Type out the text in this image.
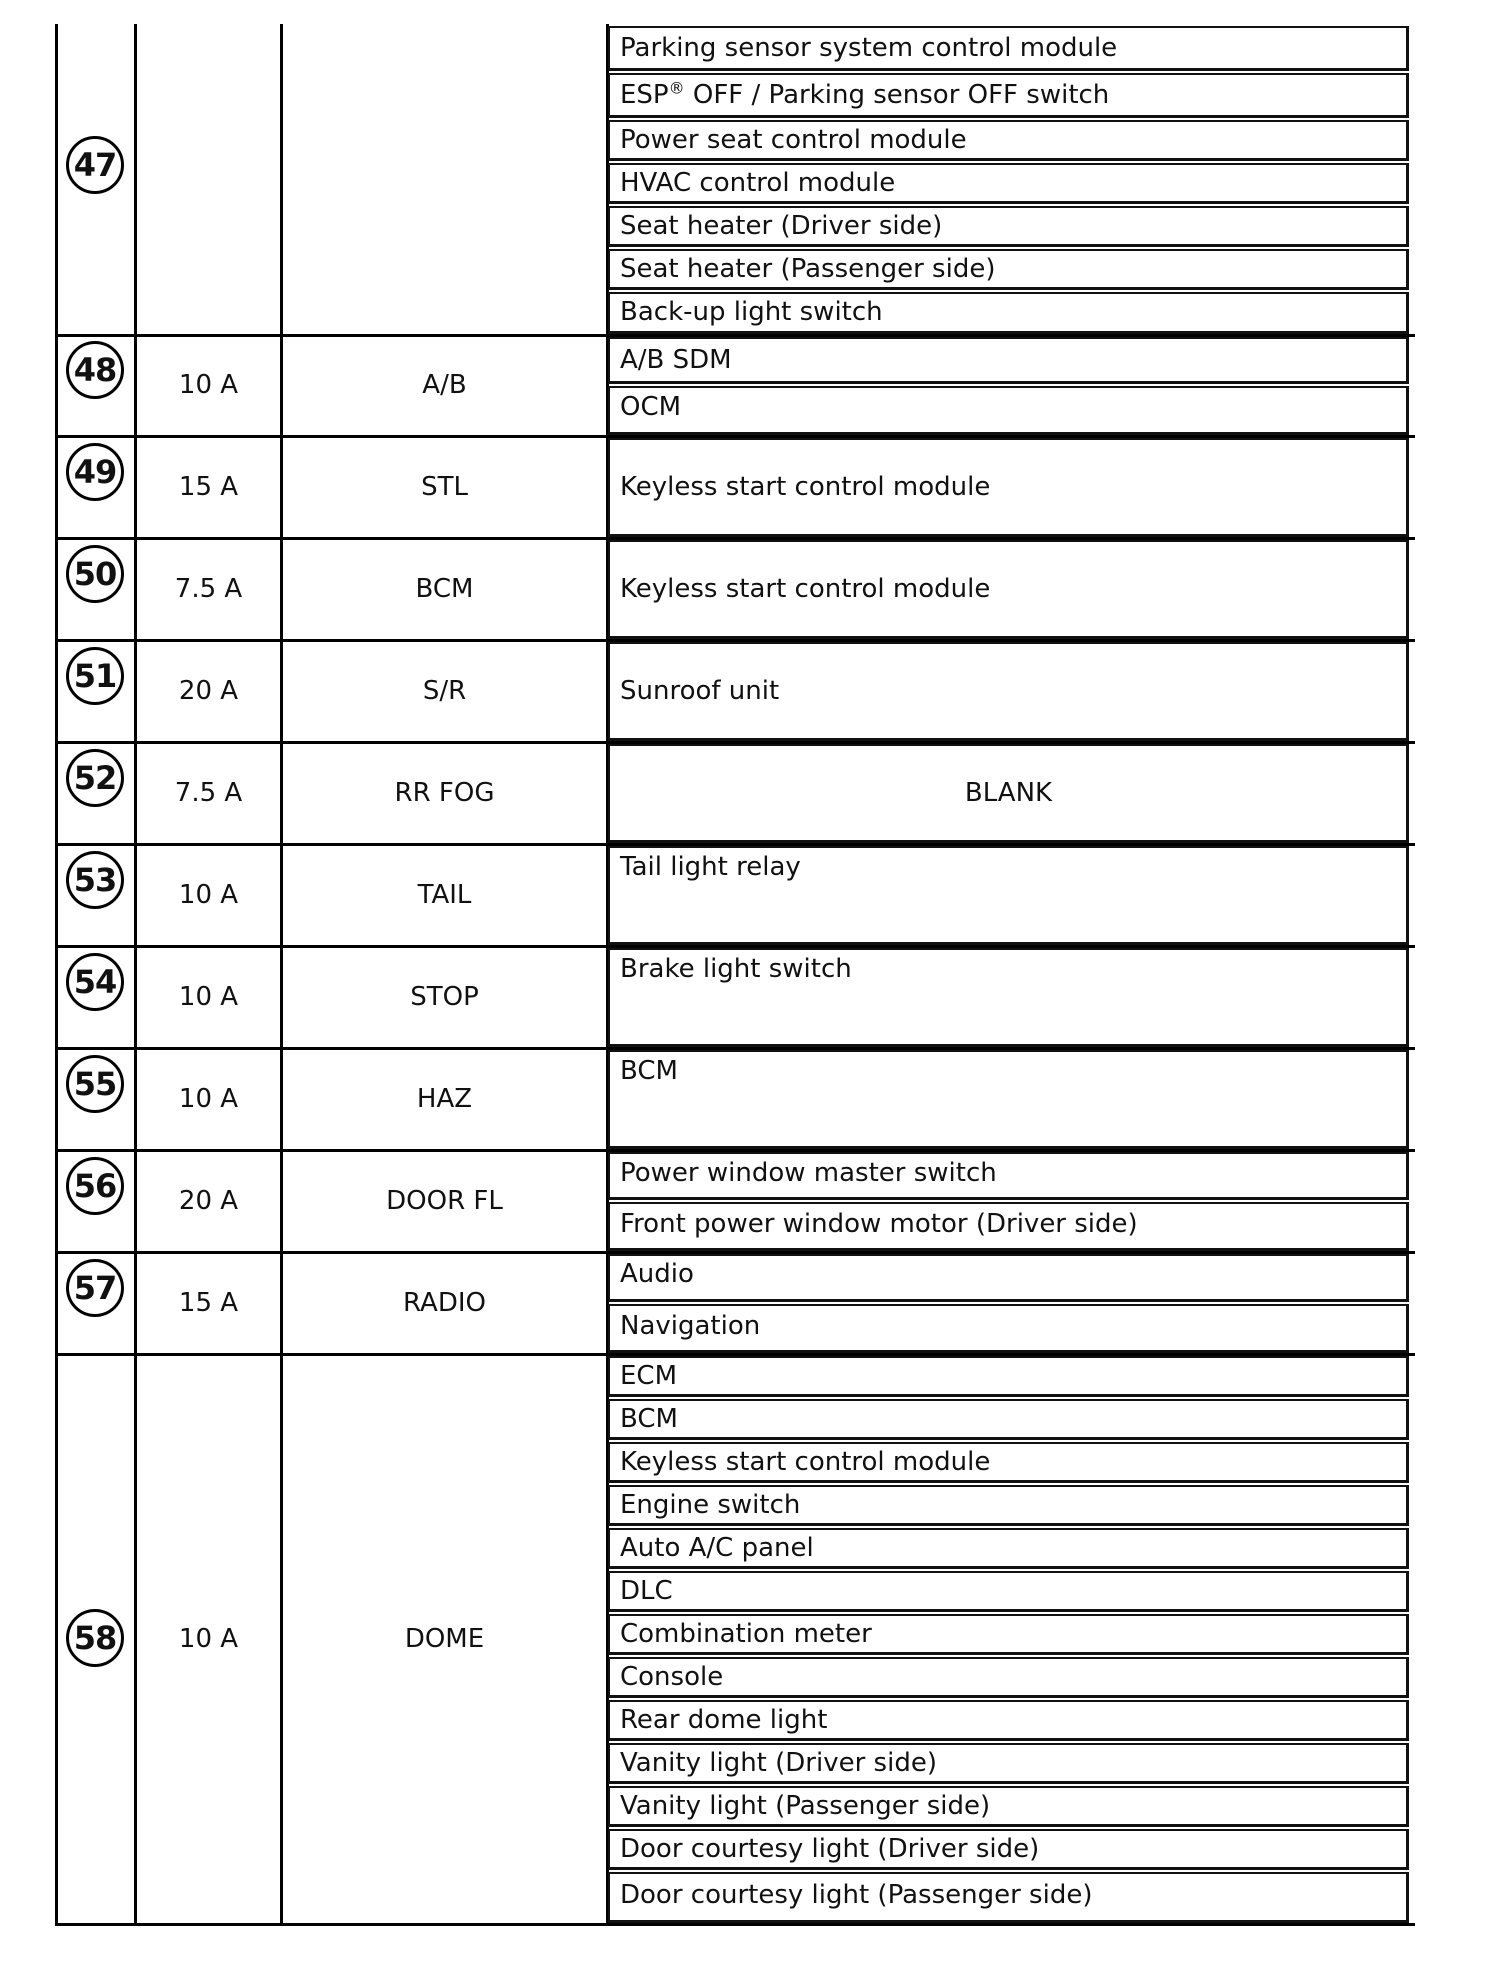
47
Parking sensor system control module
ESP® OFF / Parking sensor OFF switch
Power seat control module
HVAC control module
Seat heater (Driver side)
Seat heater (Passenger side)
Back-up light switch
48	10 A	A/B
A/B SDM
OCM
49	15 A	STL	Keyless start control module
50	7.5 A	BCM	Keyless start control module
51	20 A	S/R	Sunroof unit
52	7.5 A	RR FOG	BLANK
53	10 A	TAIL
Tail light relay
54	10 A	STOP
Brake light switch
55	10 A	HAZ
BCM
56	20 A	DOOR FL
Power window master switch
Front power window motor (Driver side)
57	15 A	RADIO
Audio
Navigation
58	10 A	DOME
ECM
BCM
Keyless start control module
Engine switch
Auto A/C panel
DLC
Combination meter
Console
Rear dome light
Vanity light (Driver side)
Vanity light (Passenger side)
Door courtesy light (Driver side)
Door courtesy light (Passenger side)
